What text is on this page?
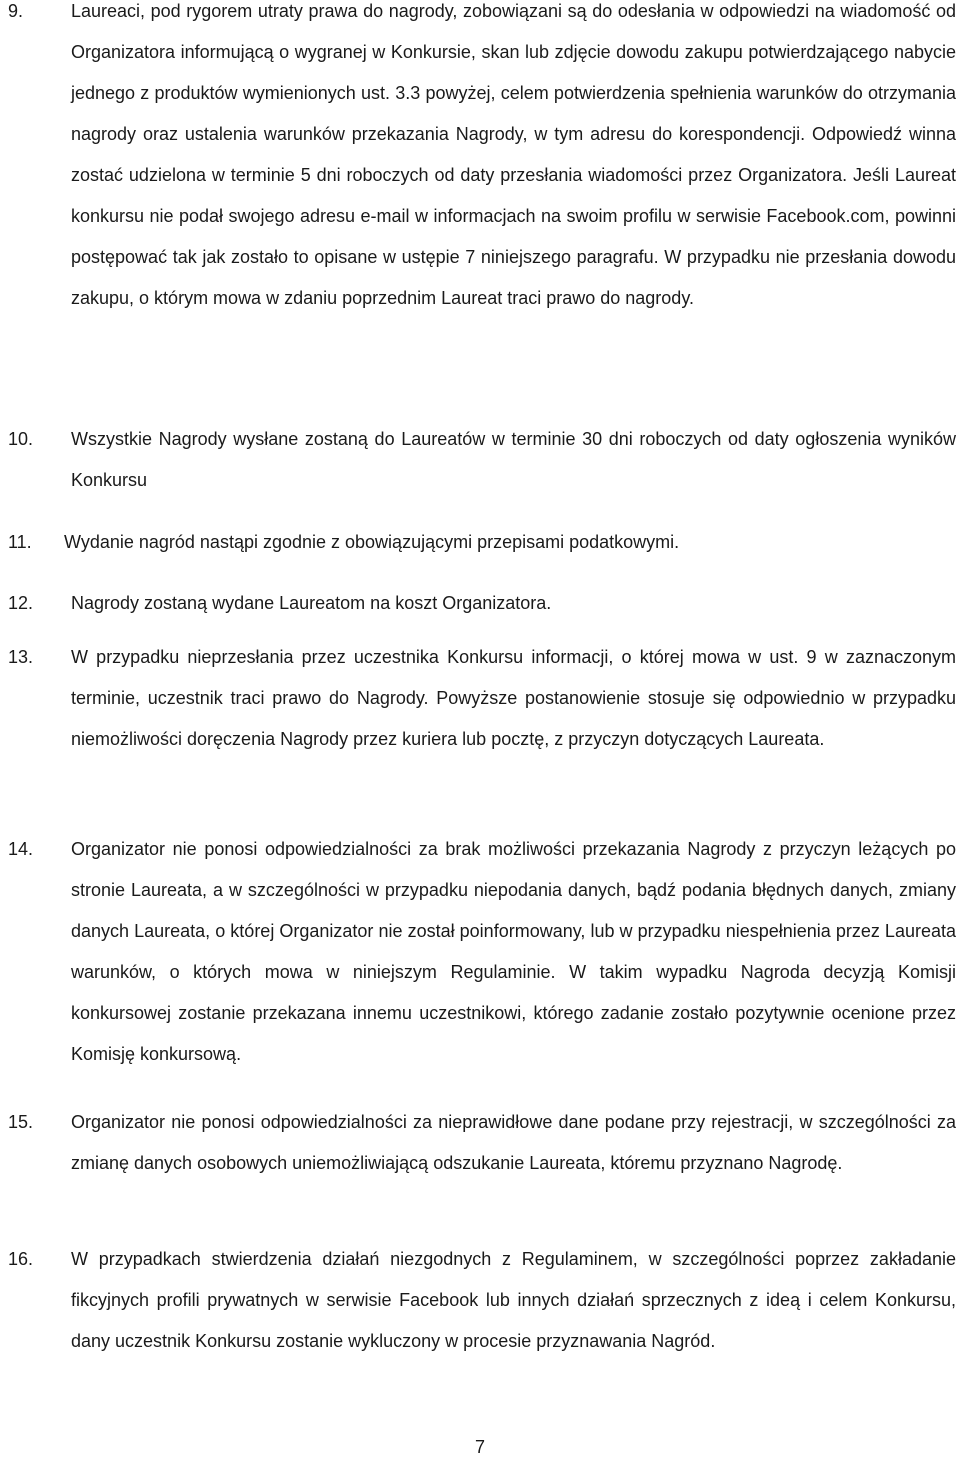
9.	Laureaci, pod rygorem utraty prawa do nagrody, zobowiązani są do odesłania w odpowiedzi na wiadomość od Organizatora informującą o wygranej w Konkursie, skan lub zdjęcie dowodu zakupu potwierdzającego nabycie jednego z produktów wymienionych ust. 3.3 powyżej, celem potwierdzenia spełnienia warunków do otrzymania nagrody oraz ustalenia warunków przekazania Nagrody, w tym adresu do korespondencji. Odpowiedź winna zostać udzielona w terminie 5 dni roboczych od daty przesłania wiadomości przez Organizatora. Jeśli Laureat konkursu nie podał swojego adresu e-mail w informacjach na swoim profilu w serwisie Facebook.com, powinni postępować tak jak zostało to opisane w ustępie 7 niniejszego paragrafu. W przypadku nie przesłania dowodu zakupu, o którym mowa w zdaniu poprzednim Laureat traci prawo do nagrody.

10. Wszystkie Nagrody wysłane zostaną do Laureatów w terminie 30 dni roboczych od daty ogłoszenia wyników Konkursu

11. Wydanie nagród nastąpi zgodnie z obowiązującymi przepisami podatkowymi.

12. Nagrody zostaną wydane Laureatom na koszt Organizatora.

13. W przypadku nieprzesłania przez uczestnika Konkursu informacji, o której mowa w ust. 9 w zaznaczonym terminie, uczestnik traci prawo do Nagrody. Powyższe postanowienie stosuje się odpowiednio w przypadku niemożliwości doręczenia Nagrody przez kuriera lub pocztę, z przyczyn dotyczących Laureata.

14. Organizator nie ponosi odpowiedzialności za brak możliwości przekazania Nagrody z przyczyn leżących po stronie Laureata, a w szczególności w przypadku niepodania danych, bądź podania błędnych danych, zmiany danych Laureata, o której Organizator nie został poinformowany, lub w przypadku niespełnienia przez Laureata warunków, o których mowa w niniejszym Regulaminie. W takim wypadku Nagroda decyzją Komisji konkursowej zostanie przekazana innemu uczestnikowi, którego zadanie zostało pozytywnie ocenione przez Komisję konkursową.

15. Organizator nie ponosi odpowiedzialności za nieprawidłowe dane podane przy rejestracji, w szczególności za zmianę danych osobowych uniemożliwiającą odszukanie Laureata, któremu przyznano Nagrodę.

16. W przypadkach stwierdzenia działań niezgodnych z Regulaminem, w szczególności poprzez zakładanie fikcyjnych profili prywatnych w serwisie Facebook lub innych działań sprzecznych z ideą i celem Konkursu, dany uczestnik Konkursu zostanie wykluczony w procesie przyznawania Nagród.

7
